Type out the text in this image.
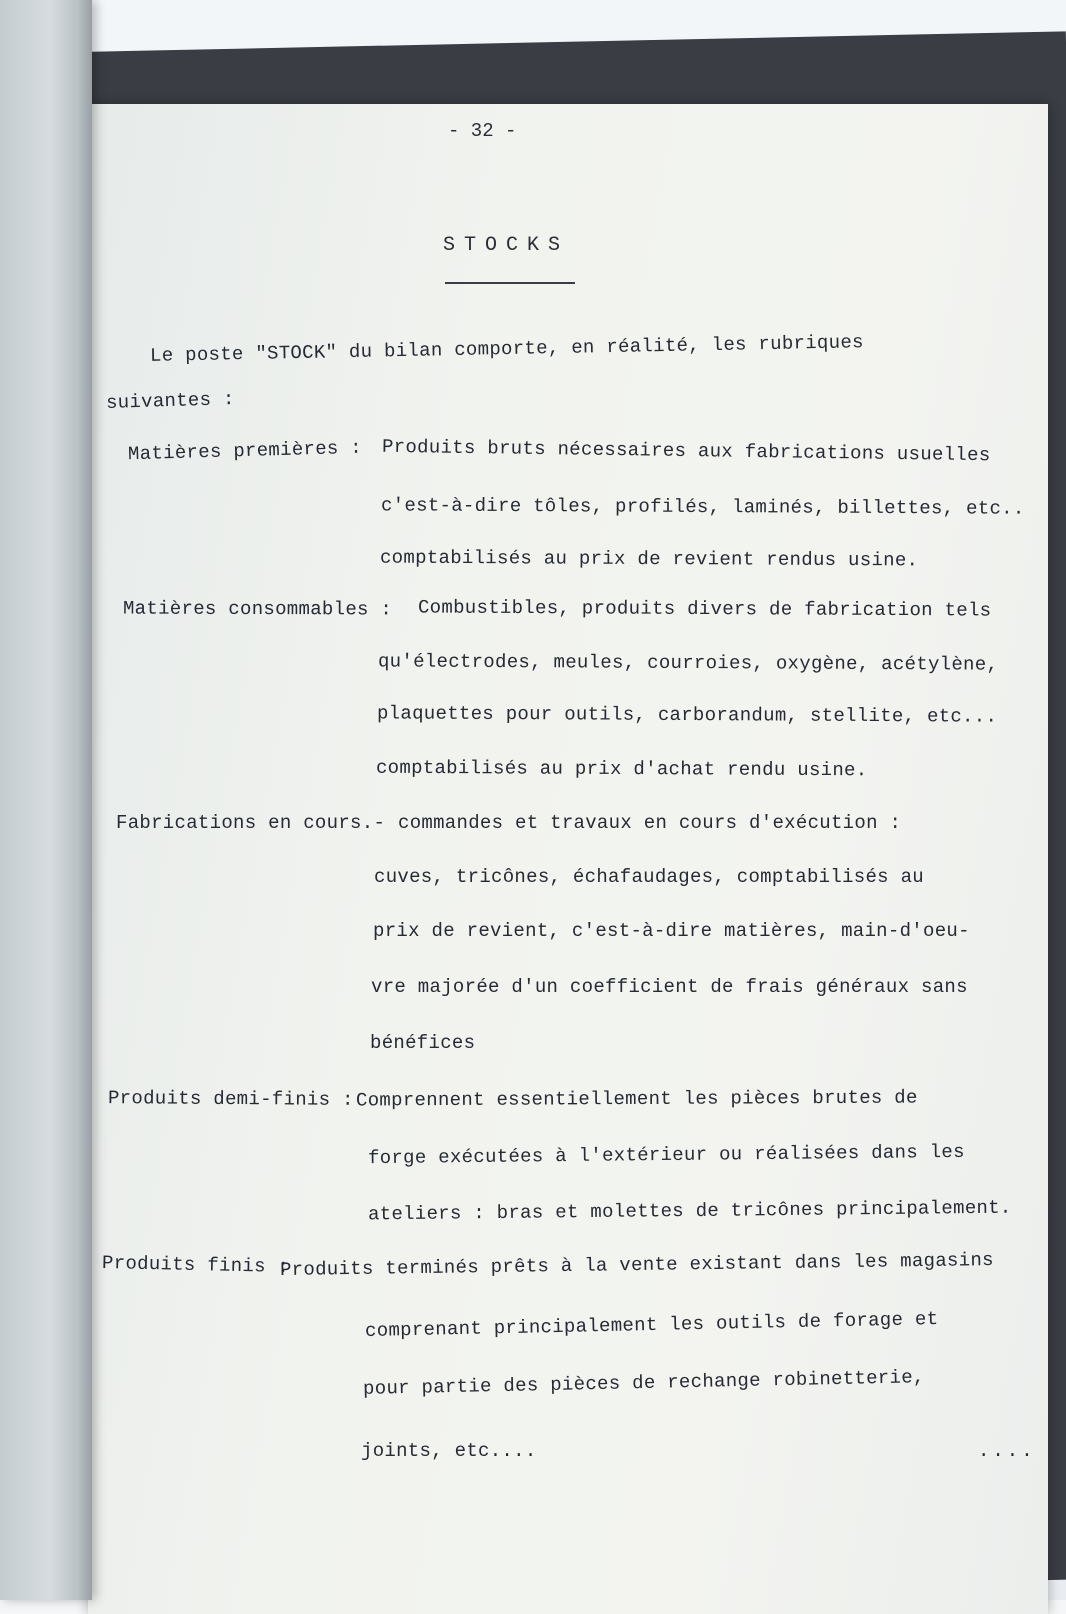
- 32 -
STOCKS
Le poste "STOCK" du bilan comporte, en réalité, les rubriques
suivantes :
Matières premières : Produits bruts nécessaires aux fabrications usuelles
c'est-à-dire tôles, profilés, laminés, billettes, etc..
comptabilisés au prix de revient rendus usine.
Matières consommables : Combustibles, produits divers de fabrication tels
qu'électrodes, meules, courroies, oxygène, acétylène,
plaquettes pour outils, carborandum, stellite, etc...
comptabilisés au prix d'achat rendu usine.
Fabrications en cours.- commandes et travaux en cours d'exécution :
cuves, tricônes, échafaudages, comptabilisés au
prix de revient, c'est-à-dire matières, main-d'oeu-
vre majorée d'un coefficient de frais généraux sans
bénéfices
Produits demi-finis : Comprennent essentiellement les pièces brutes de
forge exécutées à l'extérieur ou réalisées dans les
ateliers : bras et molettes de tricônes principalement.
Produits finis :
Produits terminés prêts à la vente existant dans les magasins
comprenant principalement les outils de forage et
pour partie des pièces de rechange robinetterie,
joints, etc....	....
